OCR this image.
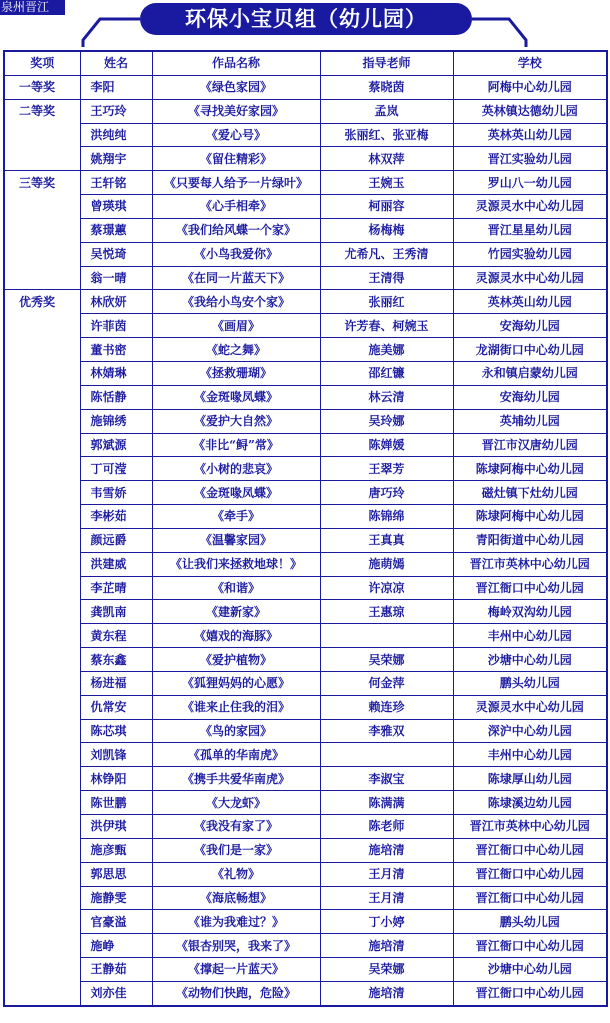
泉州晋江	环保小宝贝组（幼儿园）
奖项	姓名	作品名称	指导老师	学校
一等奖	李阳	《绿色家园》	蔡晓茵	阿梅中心幼儿园
二等奖	王巧玲	《寻找美好家园》	孟岚	英林镇达德幼儿园
	洪纯纯	《爱心号》	张丽红、张亚梅	英林英山幼儿园
	姚翔宇	《留住精彩》	林双萍	晋江实验幼儿园
三等奖	王轩铭	《只要每人给予一片绿叶》	王婉玉	罗山八一幼儿园
	曾瑛琪	《心手相牵》	柯丽容	灵源灵水中心幼儿园
	蔡璟蕙	《我们给风蝶一个家》	杨梅梅	晋江星星幼儿园
	吴悦琦	《小鸟我爱你》	尤希凡、王秀清	竹园实验幼儿园
	翁一晴	《在同一片蓝天下》	王清得	灵源灵水中心幼儿园
优秀奖	林欣妍	《我给小鸟安个家》	张丽红	英林英山幼儿园
	许菲茵	《画眉》	许芳春、柯婉玉	安海幼儿园
	董书密	《蛇之舞》	施美娜	龙湖街口中心幼儿园
	林婧琳	《拯救珊瑚》	邵红镰	永和镇启蒙幼儿园
	陈恬静	《金斑喙凤蝶》	林云清	安海幼儿园
	施锦绣	《爱护大自然》	吴玲娜	英埔幼儿园
	郭斌源	《非比“鲟”常》	陈婵媛	晋江市汉唐幼儿园
	丁可滢	《小树的悲哀》	王翠芳	陈埭阿梅中心幼儿园
	韦雪娇	《金斑喙凤蝶》	唐巧玲	磁灶镇下灶幼儿园
	李彬茹	《牵手》	陈锦绵	陈埭阿梅中心幼儿园
	颜远爵	《温馨家园》	王真真	青阳街道中心幼儿园
	洪建威	《让我们来拯救地球！》	施萌嫣	晋江市英林中心幼儿园
	李芷晴	《和谐》	许凉凉	晋江衙口中心幼儿园
	龚凯南	《建新家》	王惠琼	梅岭双沟幼儿园
	黄东程	《嬉戏的海豚》		丰州中心幼儿园
	蔡东鑫	《爱护植物》	吴荣娜	沙塘中心幼儿园
	杨进福	《狐狸妈妈的心愿》	何金萍	鹏头幼儿园
	仇常安	《谁来止住我的泪》	赖连珍	灵源灵水中心幼儿园
	陈芯琪	《鸟的家园》	李雅双	深沪中心幼儿园
	刘凯锋	《孤单的华南虎》		丰州中心幼儿园
	林铮阳	《携手共爱华南虎》	李淑宝	陈埭厚山幼儿园
	陈世鹏	《大龙虾》	陈满满	陈埭溪边幼儿园
	洪伊琪	《我没有家了》	陈老师	晋江市英林中心幼儿园
	施彦甄	《我们是一家》	施培清	晋江衙口中心幼儿园
	郭思思	《礼物》	王月清	晋江衙口中心幼儿园
	施静雯	《海底畅想》	王月清	晋江衙口中心幼儿园
	官豪溢	《谁为我难过？》	丁小婷	鹏头幼儿园
	施峥	《银杏别哭，我来了》	施培清	晋江衙口中心幼儿园
	王静茹	《撑起一片蓝天》	吴荣娜	沙塘中心幼儿园
	刘亦佳	《动物们快跑，危险》	施培清	晋江衙口中心幼儿园
